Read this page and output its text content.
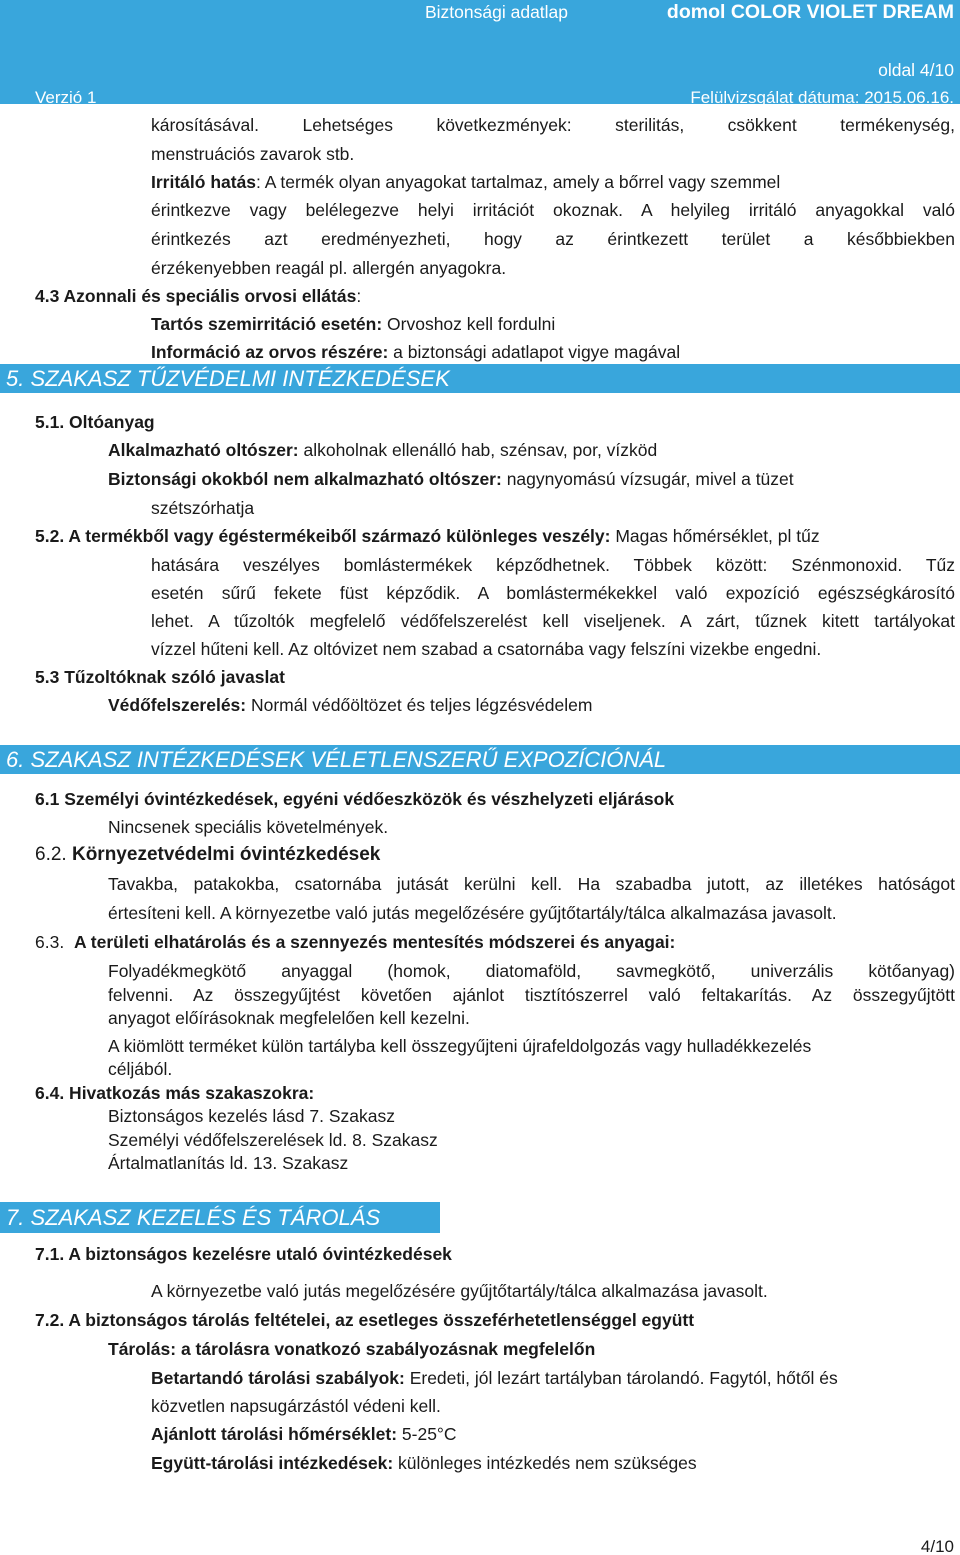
Biztonsági adatlap	domol COLOR VIOLET DREAM
oldal 4/10
Verzió 1	Felülvizsgálat dátuma: 2015.06.16.
károsításával. Lehetséges következmények: sterilitás, csökkent termékenység,
menstruációs zavarok stb.
Irritáló hatás: A termék olyan anyagokat tartalmaz, amely a bőrrel vagy szemmel
érintkezve vagy belélegezve helyi irritációt okoznak. A helyileg irritáló anyagokkal való
érintkezés azt eredményezheti, hogy az érintkezett terület a későbbiekben
érzékenyebben reagál pl. allergén anyagokra.
4.3 Azonnali és speciális orvosi ellátás:
Tartós szemirritáció esetén: Orvoshoz kell fordulni
Információ az orvos részére: a biztonsági adatlapot vigye magával
5. SZAKASZ TŰZVÉDELMI INTÉZKEDÉSEK
5.1. Oltóanyag
Alkalmazható oltószer: alkoholnak ellenálló hab, szénsav, por, vízköd
Biztonsági okokból nem alkalmazható oltószer: nagynyomású vízsugár, mivel a tüzet
szétszórhatja
5.2. A termékből vagy égéstermékeiből származó különleges veszély: Magas hőmérséklet, pl tűz
hatására veszélyes bomlástermékek képződhetnek. Többek között: Szénmonoxid. Tűz
esetén sűrű fekete füst képződik. A bomlástermékekkel való expozíció egészségkárosító
lehet. A tűzoltók megfelelő védőfelszerelést kell viseljenek. A zárt, tűznek kitett tartályokat
vízzel hűteni kell. Az oltóvizet nem szabad a csatornába vagy felszíni vizekbe engedni.
5.3 Tűzoltóknak szóló javaslat
Védőfelszerelés: Normál védőöltözet és teljes légzésvédelem
6. SZAKASZ INTÉZKEDÉSEK VÉLETLENSZERŰ EXPOZÍCIÓNÁL
6.1 Személyi óvintézkedések, egyéni védőeszközök és vészhelyzeti eljárások
Nincsenek speciális követelmények.
6.2. Környezetvédelmi óvintézkedések
Tavakba, patakokba, csatornába jutását kerülni kell. Ha szabadba jutott, az illetékes hatóságot
értesíteni kell. A környezetbe való jutás megelőzésére gyűjtőtartály/tálca alkalmazása javasolt.
6.3. A területi elhatárolás és a szennyezés mentesítés módszerei és anyagai:
Folyadékmegkötő anyaggal (homok, diatomaföld, savmegkötő, univerzális kötőanyag)
felvenni. Az összegyűjtést követően ajánlot tisztítószerrel való feltakarítás. Az összegyűjtött
anyagot előírásoknak megfelelően kell kezelni.
A kiömlött terméket külön tartályba kell összegyűjteni újrafeldolgozás vagy hulladékkezelés
céljából.
6.4. Hivatkozás más szakaszokra:
Biztonságos kezelés lásd 7. Szakasz
Személyi védőfelszerelések ld. 8. Szakasz
Ártalmatlanítás ld. 13. Szakasz
7. SZAKASZ KEZELÉS ÉS TÁROLÁS
7.1. A biztonságos kezelésre utaló óvintézkedések
A környezetbe való jutás megelőzésére gyűjtőtartály/tálca alkalmazása javasolt.
7.2. A biztonságos tárolás feltételei, az esetleges összeférhetetlenséggel együtt
Tárolás: a tárolásra vonatkozó szabályozásnak megfelelőn
Betartandó tárolási szabályok: Eredeti, jól lezárt tartályban tárolandó. Fagytól, hőtől és
közvetlen napsugárzástól védeni kell.
Ajánlott tárolási hőmérséklet: 5-25°C
Együtt-tárolási intézkedések: különleges intézkedés nem szükséges
4/10
